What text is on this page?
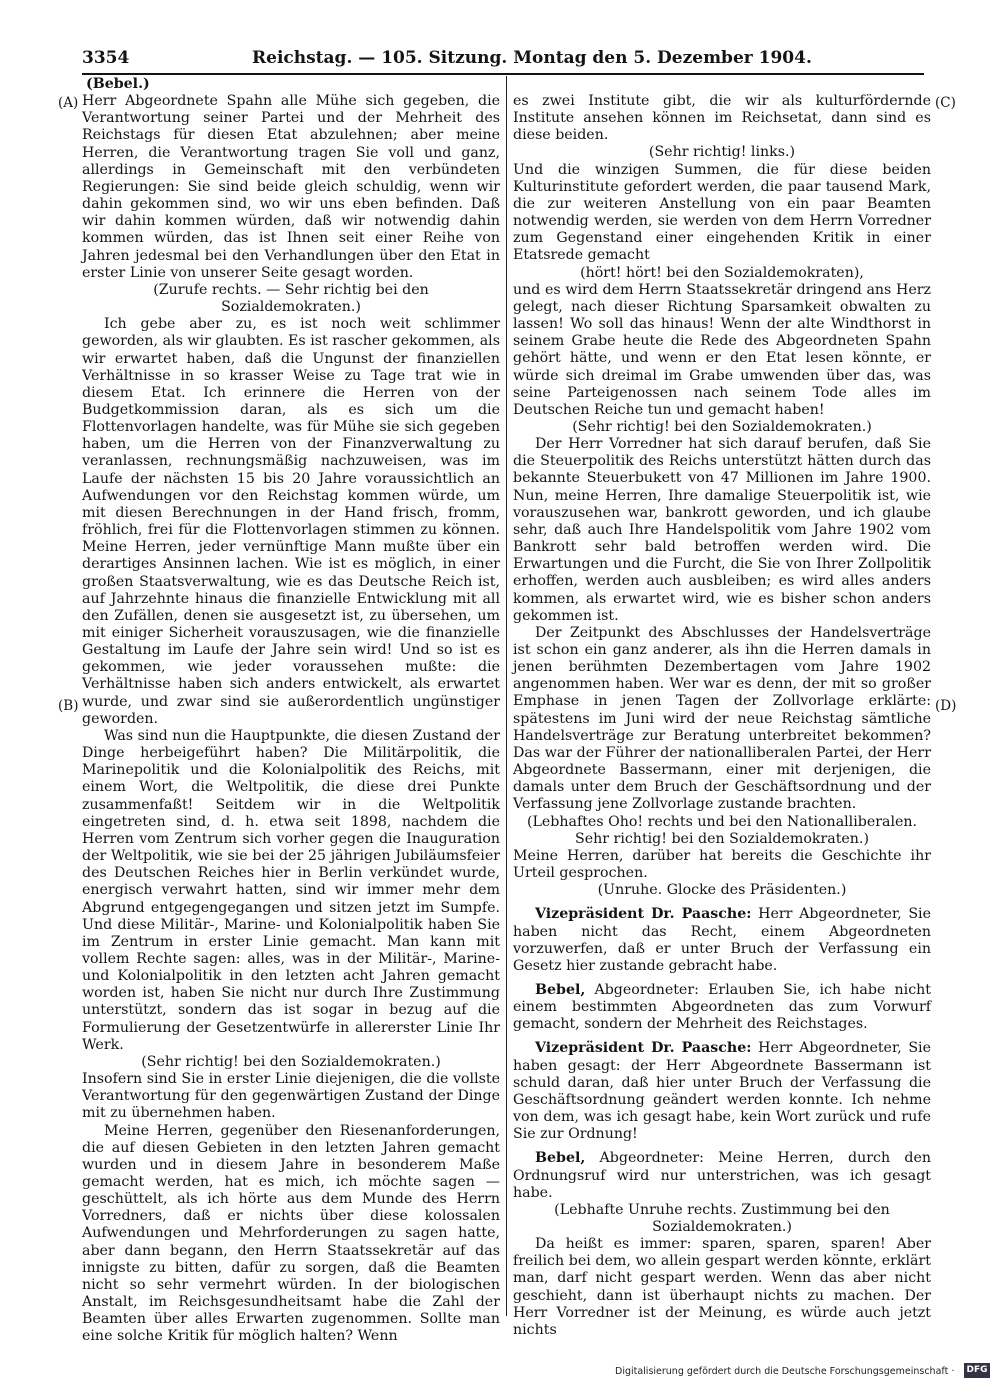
3354	Reichstag. — 105. Sitzung. Montag den 5. Dezember 1904.
(A)
(B)
(C)
(D)

(Bebel.)

Herr Abgeordnete Spahn alle Mühe sich gegeben, die Verantwortung seiner Partei und der Mehrheit des Reichstags für diesen Etat abzulehnen; aber meine Herren, die Verantwortung tragen Sie voll und ganz, allerdings in Gemeinschaft mit den verbündeten Regierungen: Sie sind beide gleich schuldig, wenn wir dahin gekommen sind, wo wir uns eben befinden. Daß wir dahin kommen würden, daß wir notwendig dahin kommen würden, das ist Ihnen seit einer Reihe von Jahren jedesmal bei den Verhandlungen über den Etat in erster Linie von unserer Seite gesagt worden.

(Zurufe rechts. — Sehr richtig bei den Sozialdemokraten.)

Ich gebe aber zu, es ist noch weit schlimmer geworden, als wir glaubten. Es ist rascher gekommen, als wir erwartet haben, daß die Ungunst der finanziellen Verhältnisse in so krasser Weise zu Tage trat wie in diesem Etat. Ich erinnere die Herren von der Budgetkommission daran, als es sich um die Flottenvorlagen handelte, was für Mühe sie sich gegeben haben, um die Herren von der Finanzverwaltung zu veranlassen, rechnungsmäßig nachzuweisen, was im Laufe der nächsten 15 bis 20 Jahre voraussichtlich an Aufwendungen vor den Reichstag kommen würde, um mit diesen Berechnungen in der Hand frisch, fromm, fröhlich, frei für die Flottenvorlagen stimmen zu können. Meine Herren, jeder vernünftige Mann mußte über ein derartiges Ansinnen lachen. Wie ist es möglich, in einer großen Staatsverwaltung, wie es das Deutsche Reich ist, auf Jahrzehnte hinaus die finanzielle Entwicklung mit all den Zufällen, denen sie ausgesetzt ist, zu übersehen, um mit einiger Sicherheit vorauszusagen, wie die finanzielle Gestaltung im Laufe der Jahre sein wird! Und so ist es gekommen, wie jeder voraussehen mußte: die Verhältnisse haben sich anders entwickelt, als erwartet wurde, und zwar sind sie außerordentlich ungünstiger geworden.

Was sind nun die Hauptpunkte, die diesen Zustand der Dinge herbeigeführt haben? Die Militärpolitik, die Marinepolitik und die Kolonialpolitik des Reichs, mit einem Wort, die Weltpolitik, die diese drei Punkte zusammenfaßt! Seitdem wir in die Weltpolitik eingetreten sind, d. h. etwa seit 1898, nachdem die Herren vom Zentrum sich vorher gegen die Inauguration der Weltpolitik, wie sie bei der 25 jährigen Jubiläumsfeier des Deutschen Reiches hier in Berlin verkündet wurde, energisch verwahrt hatten, sind wir immer mehr dem Abgrund entgegengegangen und sitzen jetzt im Sumpfe. Und diese Militär-, Marine- und Kolonialpolitik haben Sie im Zentrum in erster Linie gemacht. Man kann mit vollem Rechte sagen: alles, was in der Militär-, Marine- und Kolonialpolitik in den letzten acht Jahren gemacht worden ist, haben Sie nicht nur durch Ihre Zustimmung unterstützt, sondern das ist sogar in bezug auf die Formulierung der Gesetzentwürfe in allererster Linie Ihr Werk.

(Sehr richtig! bei den Sozialdemokraten.)

Insofern sind Sie in erster Linie diejenigen, die die vollste Verantwortung für den gegenwärtigen Zustand der Dinge mit zu übernehmen haben.

Meine Herren, gegenüber den Riesenanforderungen, die auf diesen Gebieten in den letzten Jahren gemacht wurden und in diesem Jahre in besonderem Maße gemacht werden, hat es mich, ich möchte sagen — geschüttelt, als ich hörte aus dem Munde des Herrn Vorredners, daß er nichts über diese kolossalen Aufwendungen und Mehrforderungen zu sagen hatte, aber dann begann, den Herrn Staatssekretär auf das innigste zu bitten, dafür zu sorgen, daß die Beamten nicht so sehr vermehrt würden. In der biologischen Anstalt, im Reichsgesundheitsamt habe die Zahl der Beamten über alles Erwarten zugenommen. Sollte man eine solche Kritik für möglich halten? Wenn

es zwei Institute gibt, die wir als kulturfördernde Institute ansehen können im Reichsetat, dann sind es diese beiden.

(Sehr richtig! links.)

Und die winzigen Summen, die für diese beiden Kulturinstitute gefordert werden, die paar tausend Mark, die zur weiteren Anstellung von ein paar Beamten notwendig werden, sie werden von dem Herrn Vorredner zum Gegenstand einer eingehenden Kritik in einer Etatsrede gemacht

(hört! hört! bei den Sozialdemokraten),

und es wird dem Herrn Staatssekretär dringend ans Herz gelegt, nach dieser Richtung Sparsamkeit obwalten zu lassen! Wo soll das hinaus! Wenn der alte Windthorst in seinem Grabe heute die Rede des Abgeordneten Spahn gehört hätte, und wenn er den Etat lesen könnte, er würde sich dreimal im Grabe umwenden über das, was seine Parteigenossen nach seinem Tode alles im Deutschen Reiche tun und gemacht haben!

(Sehr richtig! bei den Sozialdemokraten.)

Der Herr Vorredner hat sich darauf berufen, daß Sie die Steuerpolitik des Reichs unterstützt hätten durch das bekannte Steuerbukett von 47 Millionen im Jahre 1900. Nun, meine Herren, Ihre damalige Steuerpolitik ist, wie vorauszusehen war, bankrott geworden, und ich glaube sehr, daß auch Ihre Handelspolitik vom Jahre 1902 vom Bankrott sehr bald betroffen werden wird. Die Erwartungen und die Furcht, die Sie von Ihrer Zollpolitik erhoffen, werden auch ausbleiben; es wird alles anders kommen, als erwartet wird, wie es bisher schon anders gekommen ist.

Der Zeitpunkt des Abschlusses der Handelsverträge ist schon ein ganz anderer, als ihn die Herren damals in jenen berühmten Dezembertagen vom Jahre 1902 angenommen haben. Wer war es denn, der mit so großer Emphase in jenen Tagen der Zollvorlage erklärte: spätestens im Juni wird der neue Reichstag sämtliche Handelsverträge zur Beratung unterbreitet bekommen? Das war der Führer der nationalliberalen Partei, der Herr Abgeordnete Bassermann, einer mit derjenigen, die damals unter dem Bruch der Geschäftsordnung und der Verfassung jene Zollvorlage zustande brachten.

(Lebhaftes Oho! rechts und bei den Nationalliberalen. Sehr richtig! bei den Sozialdemokraten.)

Meine Herren, darüber hat bereits die Geschichte ihr Urteil gesprochen.

(Unruhe. Glocke des Präsidenten.)

Vizepräsident Dr. Paasche: Herr Abgeordneter, Sie haben nicht das Recht, einem Abgeordneten vorzuwerfen, daß er unter Bruch der Verfassung ein Gesetz hier zustande gebracht habe.

Bebel, Abgeordneter: Erlauben Sie, ich habe nicht einem bestimmten Abgeordneten das zum Vorwurf gemacht, sondern der Mehrheit des Reichstages.

Vizepräsident Dr. Paasche: Herr Abgeordneter, Sie haben gesagt: der Herr Abgeordnete Bassermann ist schuld daran, daß hier unter Bruch der Verfassung die Geschäftsordnung geändert werden konnte. Ich nehme von dem, was ich gesagt habe, kein Wort zurück und rufe Sie zur Ordnung!

Bebel, Abgeordneter: Meine Herren, durch den Ordnungsruf wird nur unterstrichen, was ich gesagt habe.

(Lebhafte Unruhe rechts. Zustimmung bei den Sozialdemokraten.)

Da heißt es immer: sparen, sparen, sparen! Aber freilich bei dem, wo allein gespart werden könnte, erklärt man, darf nicht gespart werden. Wenn das aber nicht geschieht, dann ist überhaupt nichts zu machen. Der Herr Vorredner ist der Meinung, es würde auch jetzt nichts

Digitalisierung gefördert durch die Deutsche Forschungsgemeinschaft · DFG
